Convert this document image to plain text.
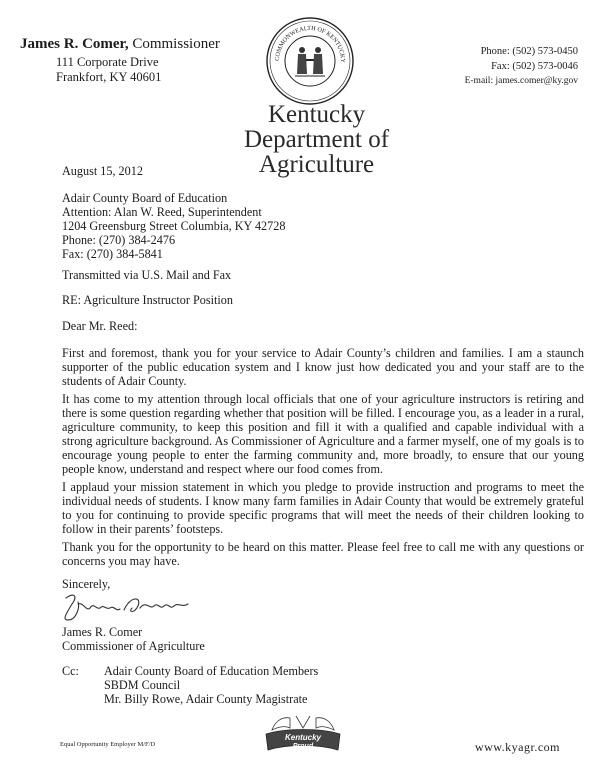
James R. Comer, Commissioner
111 Corporate Drive
Frankfort, KY 40601
Phone: (502) 573-0450
Fax: (502) 573-0046
E-mail: james.comer@ky.gov
COMMONWEALTH OF KENTUCKY
Kentucky
Department of
Agriculture
August 15, 2012
Adair County Board of Education
Attention: Alan W. Reed, Superintendent
1204 Greensburg Street Columbia, KY 42728
Phone: (270) 384-2476
Fax: (270) 384-5841
Transmitted via U.S. Mail and Fax
RE: Agriculture Instructor Position
Dear Mr. Reed:
First and foremost, thank you for your service to Adair County’s children and families. I am a staunch supporter of the public education system and I know just how dedicated you and your staff are to the students of Adair County.
It has come to my attention through local officials that one of your agriculture instructors is retiring and there is some question regarding whether that position will be filled. I encourage you, as a leader in a rural, agriculture community, to keep this position and fill it with a qualified and capable individual with a strong agriculture background. As Commissioner of Agriculture and a farmer myself, one of my goals is to encourage young people to enter the farming community and, more broadly, to ensure that our young people know, understand and respect where our food comes from.
I applaud your mission statement in which you pledge to provide instruction and programs to meet the individual needs of students. I know many farm families in Adair County that would be extremely grateful to you for continuing to provide specific programs that will meet the needs of their children looking to follow in their parents’ footsteps.
Thank you for the opportunity to be heard on this matter. Please feel free to call me with any questions or concerns you may have.
Sincerely,
James R. Comer
Commissioner of Agriculture
Cc: Adair County Board of Education Members
SBDM Council
Mr. Billy Rowe, Adair County Magistrate
Equal Opportunity Employer M/F/D
Kentucky
Proud	www.kyagr.com
